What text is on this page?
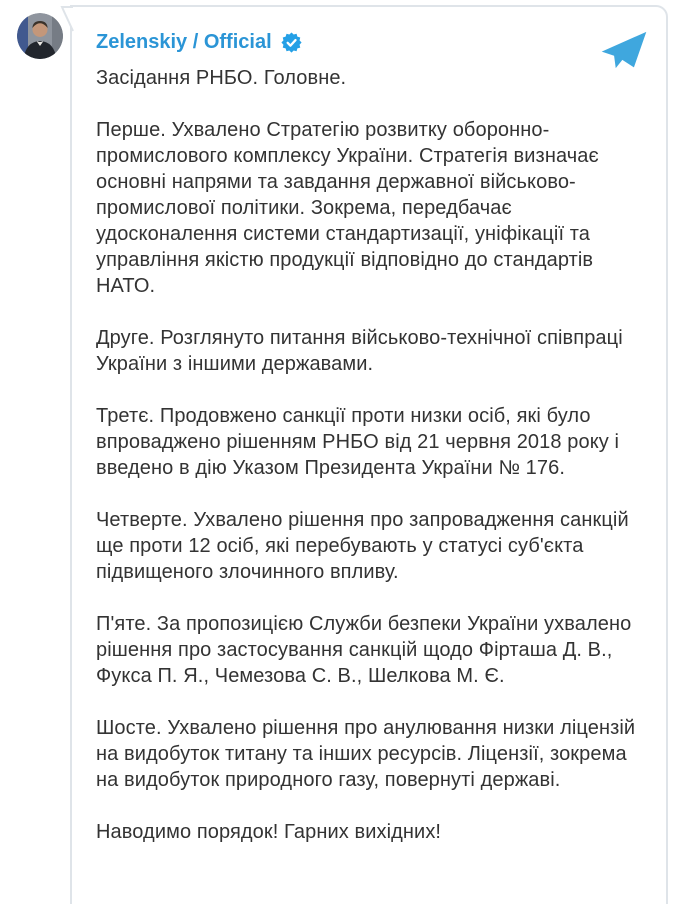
Zelenskiy / Official

Засідання РНБО. Головне.

Перше. Ухвалено Стратегію розвитку оборонно-промислового комплексу України. Стратегія визначає основні напрями та завдання державної військово-промислової політики. Зокрема, передбачає удосконалення системи стандартизації, уніфікації та управління якістю продукції відповідно до стандартів НАТО.

Друге. Розглянуто питання військово-технічної співпраці України з іншими державами.

Третє. Продовжено санкції проти низки осіб, які було впроваджено рішенням РНБО від 21 червня 2018 року і введено в дію Указом Президента України № 176.

Четверте. Ухвалено рішення про запровадження санкцій ще проти 12 осіб, які перебувають у статусі суб'єкта підвищеного злочинного впливу.

П'яте. За пропозицією Служби безпеки України ухвалено рішення про застосування санкцій щодо Фірташа Д. В., Фукса П. Я., Чемезова С. В., Шелкова М. Є.

Шосте. Ухвалено рішення про анулювання низки ліцензій на видобуток титану та інших ресурсів. Ліцензії, зокрема на видобуток природного газу, повернуті державі.

Наводимо порядок! Гарних вихідних!
